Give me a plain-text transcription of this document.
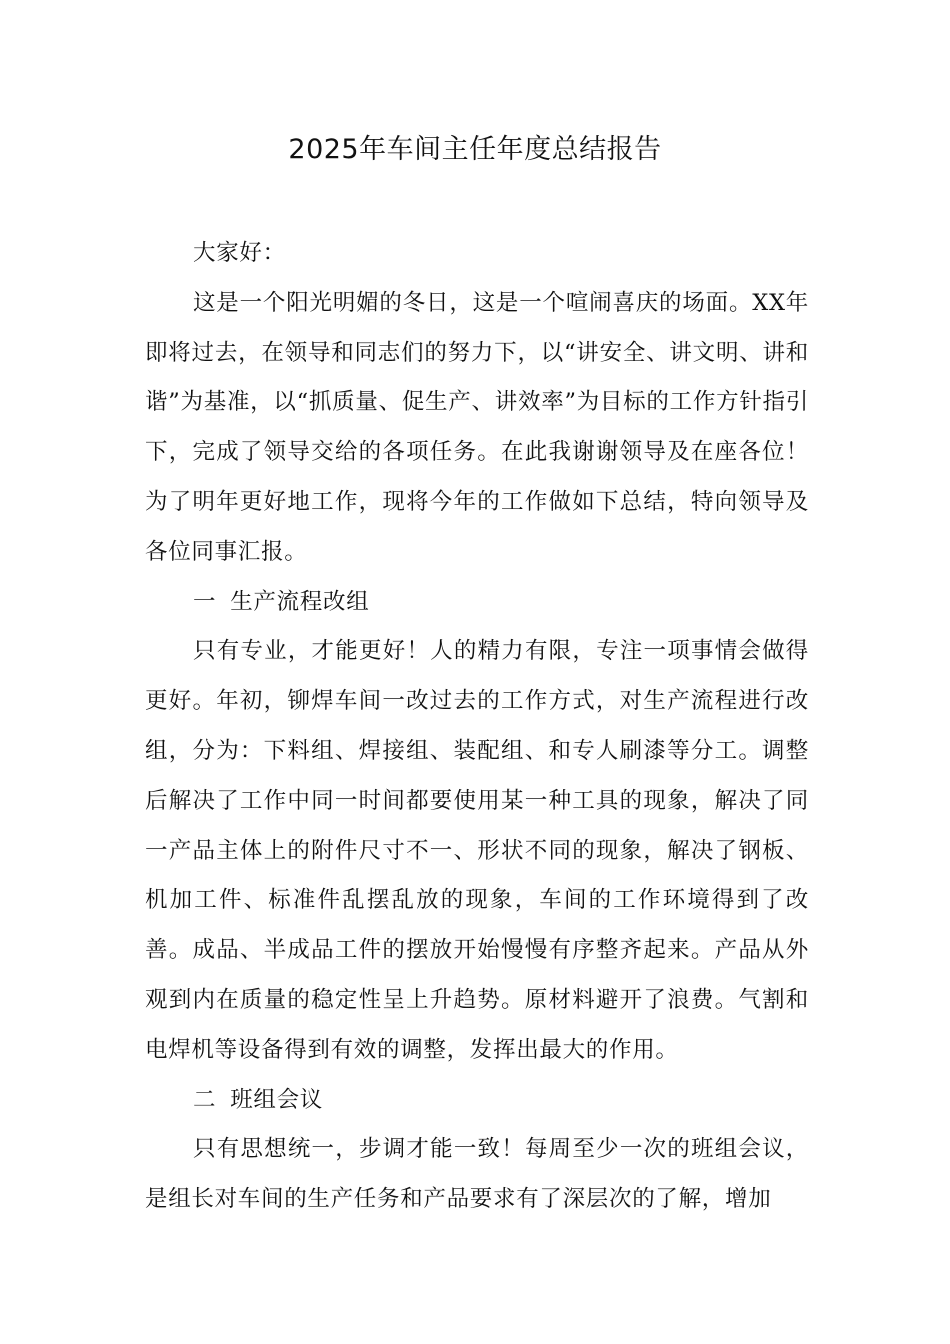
2025年车间主任年度总结报告

大家好：

这是一个阳光明媚的冬日，这是一个喧闹喜庆的场面。XX年即将过去，在领导和同志们的努力下，以“讲安全、讲文明、讲和谐”为基准，以“抓质量、促生产、讲效率”为目标的工作方针指引下，完成了领导交给的各项任务。在此我谢谢领导及在座各位！为了明年更好地工作，现将今年的工作做如下总结，特向领导及各位同事汇报。

一 生产流程改组

只有专业，才能更好！人的精力有限，专注一项事情会做得更好。年初，铆焊车间一改过去的工作方式，对生产流程进行改组，分为：下料组、焊接组、装配组、和专人刷漆等分工。调整后解决了工作中同一时间都要使用某一种工具的现象，解决了同一产品主体上的附件尺寸不一、形状不同的现象，解决了钢板、机加工件、标准件乱摆乱放的现象，车间的工作环境得到了改善。成品、半成品工件的摆放开始慢慢有序整齐起来。产品从外观到内在质量的稳定性呈上升趋势。原材料避开了浪费。气割和电焊机等设备得到有效的调整，发挥出最大的作用。

二 班组会议

只有思想统一，步调才能一致！每周至少一次的班组会议，是组长对车间的生产任务和产品要求有了深层次的了解，增加
